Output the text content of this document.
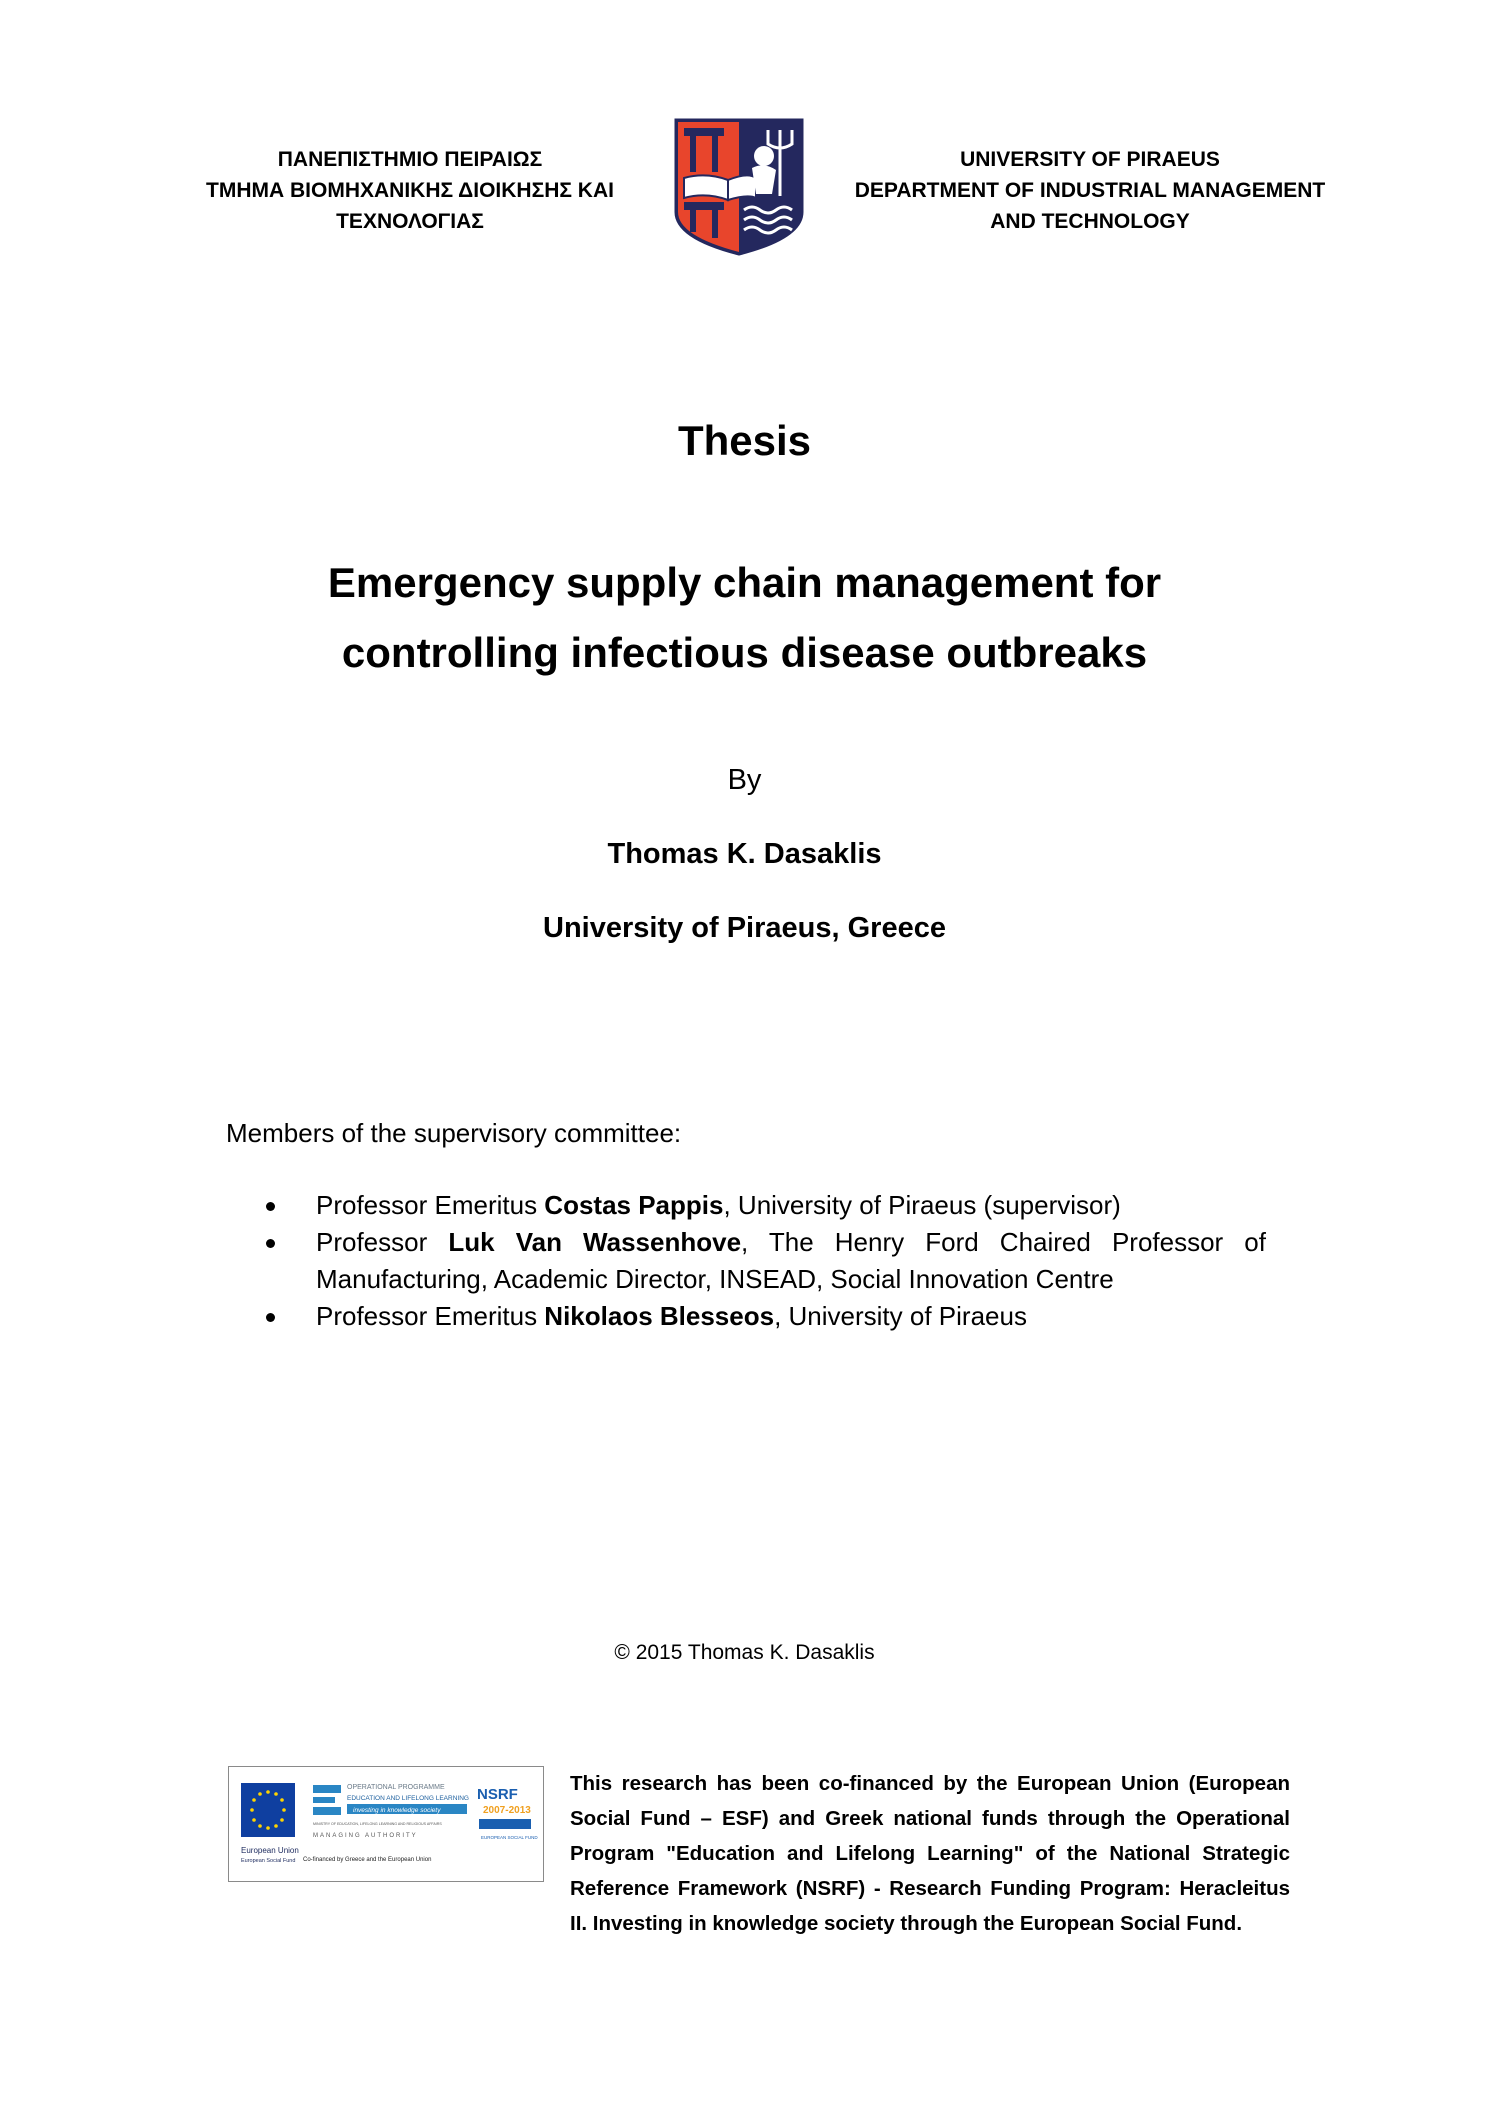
ΠΑΝΕΠΙΣΤΗΜΙΟ ΠΕΙΡΑΙΩΣ
ΤΜΗΜΑ ΒΙΟΜΗΧΑΝΙΚΗΣ ΔΙΟΙΚΗΣΗΣ ΚΑΙ
ΤΕΧΝΟΛΟΓΙΑΣ
UNIVERSITY OF PIRAEUS
DEPARTMENT OF INDUSTRIAL MANAGEMENT
AND TECHNOLOGY
Thesis
Emergency supply chain management for
controlling infectious disease outbreaks
By
Thomas K. Dasaklis
University of Piraeus, Greece
Members of the supervisory committee:
Professor Emeritus Costas Pappis, University of Piraeus (supervisor)
Professor Luk Van Wassenhove, The Henry Ford Chaired Professor of Manufacturing, Academic Director, INSEAD, Social Innovation Centre
Professor Emeritus Nikolaos Blesseos, University of Piraeus
© 2015 Thomas K. Dasaklis
European Union
European Social Fund
OPERATIONAL PROGRAMME
EDUCATION AND LIFELONG LEARNING
investing in knowledge society
MINISTRY OF EDUCATION, LIFELONG LEARNING AND RELIGIOUS AFFAIRS
MANAGING AUTHORITY
Co-financed by Greece and the European Union
NSRF
2007-2013
EUROPEAN SOCIAL FUND
This research has been co-financed by the European Union (European Social Fund – ESF) and Greek national funds through the Operational Program "Education and Lifelong Learning" of the National Strategic Reference Framework (NSRF) - Research Funding Program: Heracleitus II. Investing in knowledge society through the European Social Fund.
